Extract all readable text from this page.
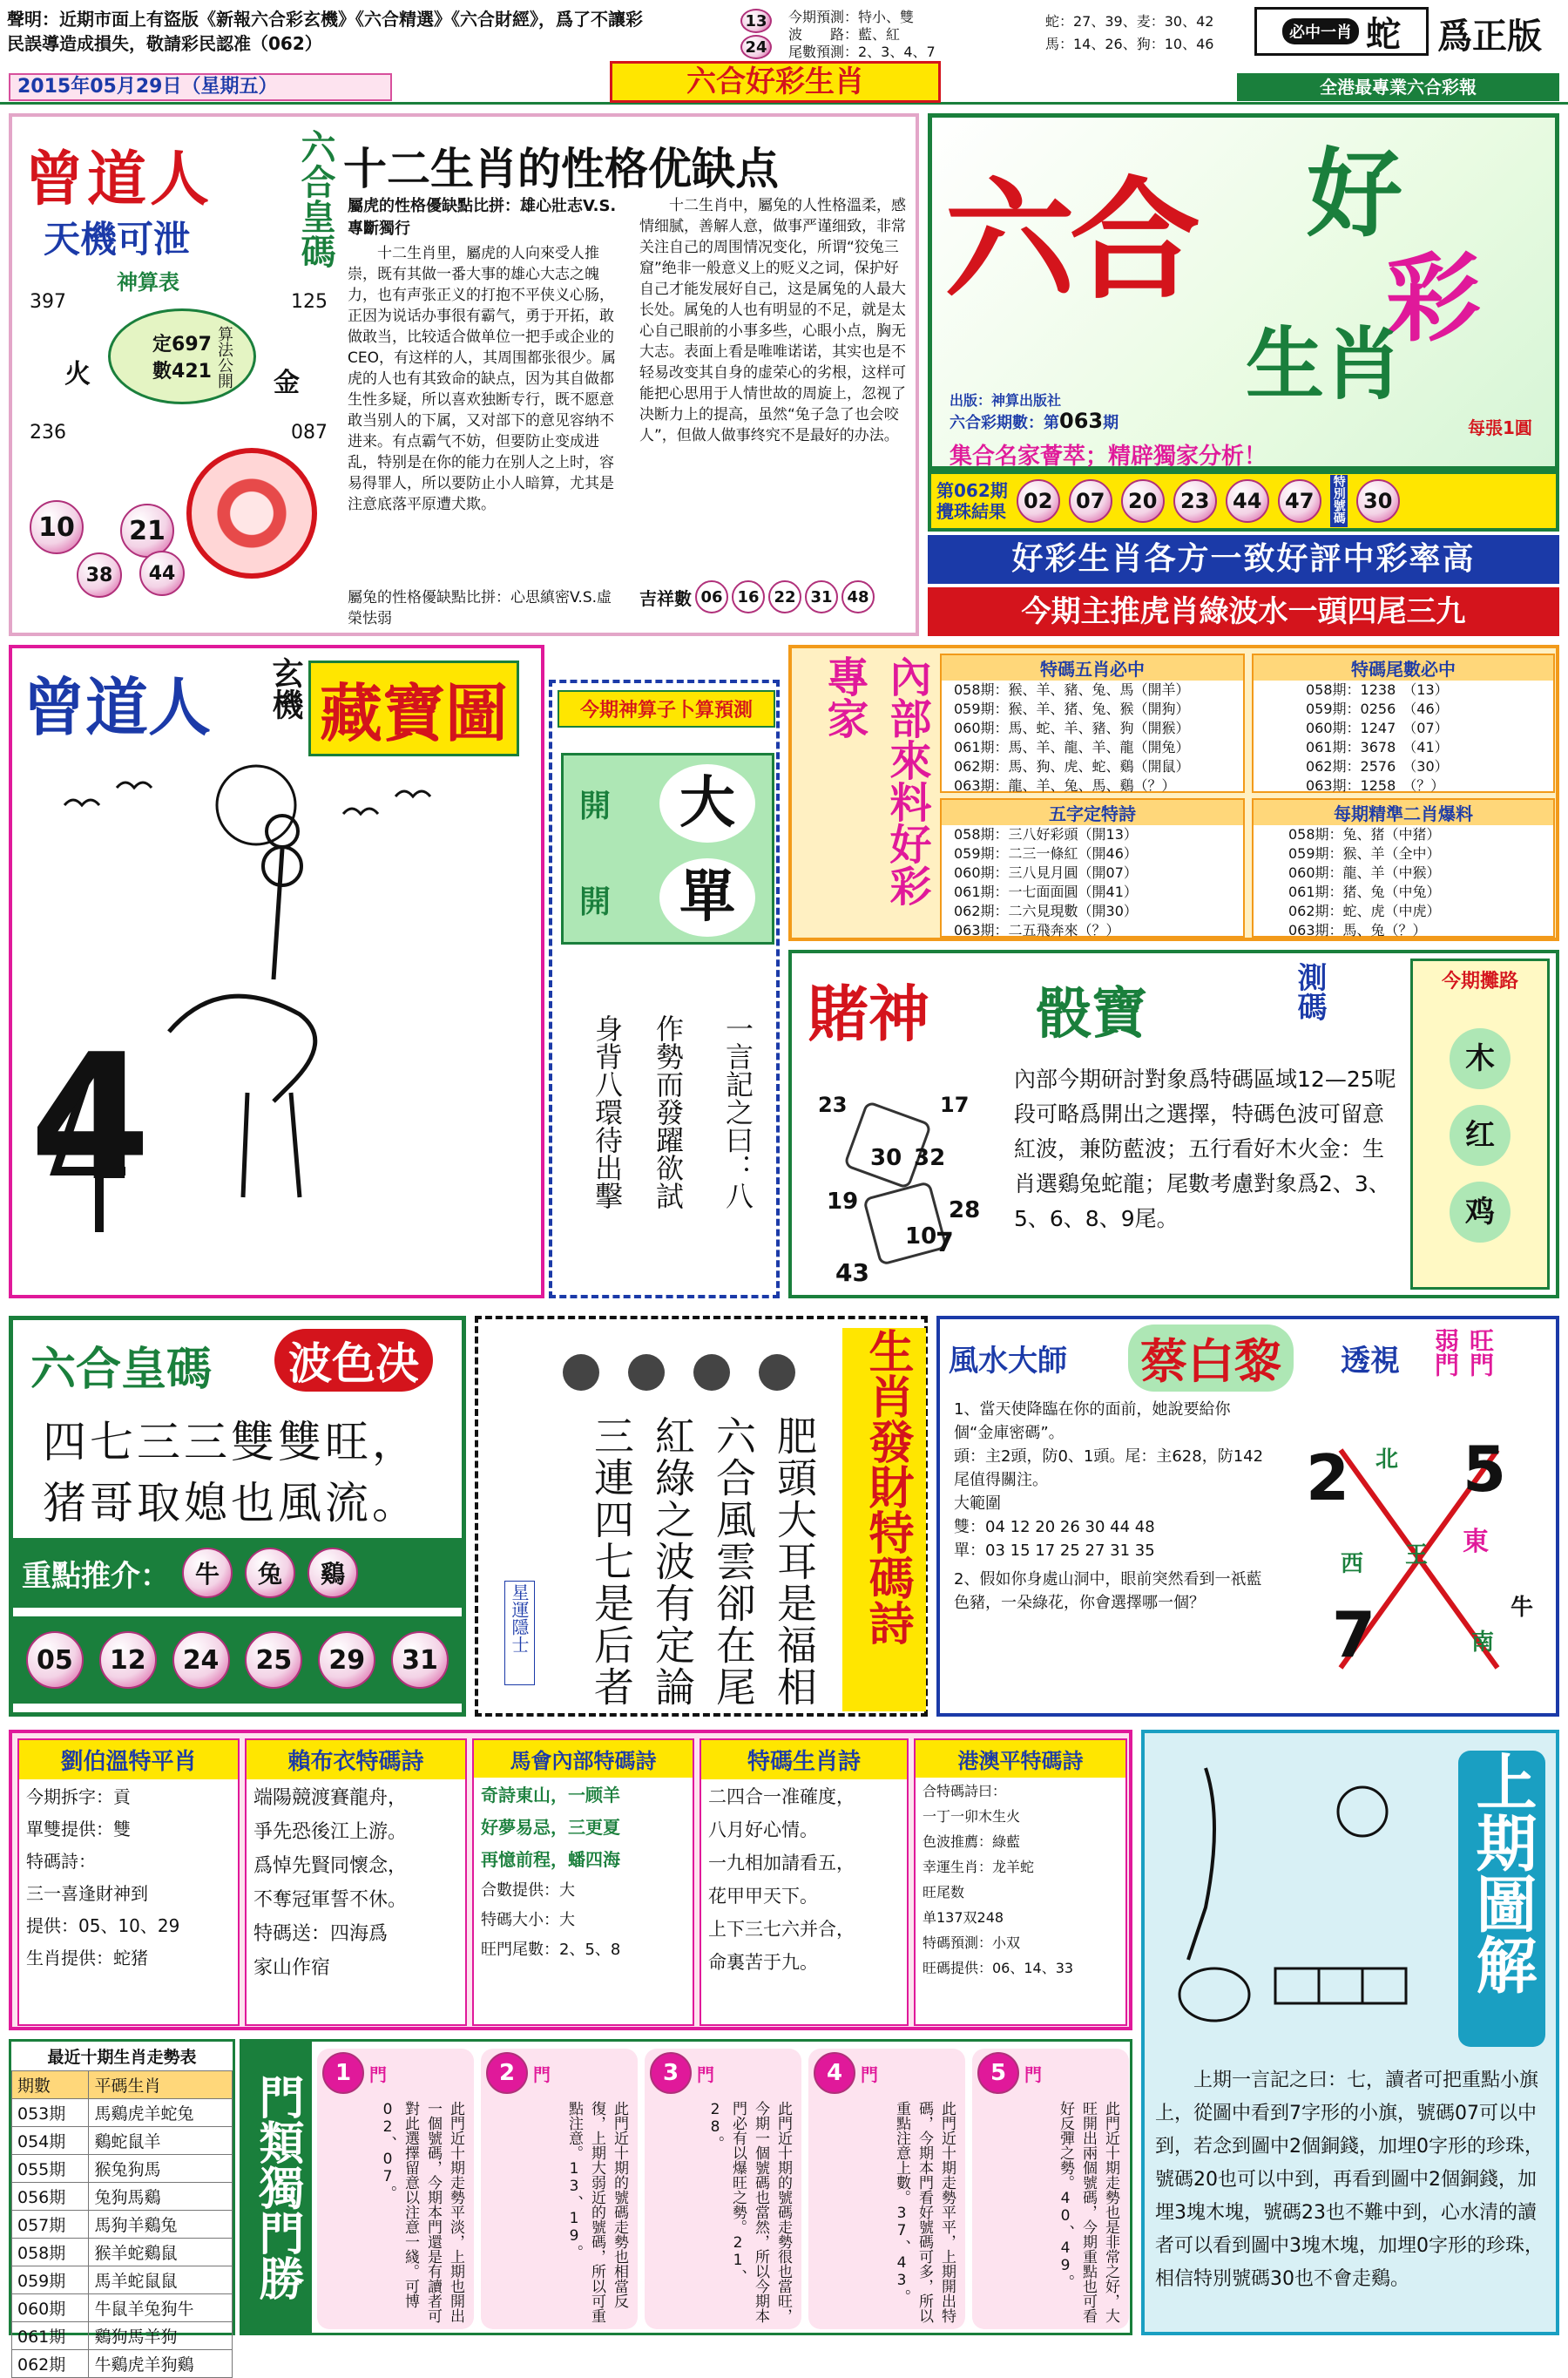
聲明：近期市面上有盜版《新報六合彩玄機》《六合精選》《六合財經》，爲了不讓彩民誤導造成損失，敬請彩民認准（062）
13
24
今期預測：特小、雙
波　　路：藍、紅
尾數預測：2、3、4、7
蛇：27、39、麦：30、42
馬：14、26、狗：10、46
必中一肖 蛇 爲正版
2015年05月29日（星期五）	六合好彩生肖	全港最專業六合彩報
曾道人
天機可泄	六合皇碼 十二生肖的性格优缺点
神算表
397	125
236	087
火	金
定697
數421 算法公開
10	21
38	44
屬虎的性格優缺點比拼：雄心壯志V.S.專斷獨行
十二生肖里，屬虎的人向來受人推崇，既有其做一番大事的雄心大志之魄力，也有声张正义的打抱不平侠义心肠，正因为说话办事很有霸气，勇于开拓，敢做敢当，比较适合做单位一把手或企业的CEO，有这样的人，其周围都张很少。属虎的人也有其致命的缺点，因为其自做都生性多疑，所以喜欢独断专行，既不愿意敢当别人的下属，又对部下的意见容纳不进来。有点霸气不妨，但要防止变成进乱，特别是在你的能力在别人之上时，容易得罪人，所以要防止小人暗算，尤其是注意底落平原遭犬欺。
屬兔的性格優缺點比拼：心思縝密V.S.虛榮怯弱
十二生肖中，屬兔的人性格溫柔，感情细腻，善解人意，做事严谨细致，非常关注自己的周围情况变化，所谓“狡兔三窟”绝非一般意义上的贬义之词，保护好自己才能发展好自己，这是属兔的人最大长处。属兔的人也有明显的不足，就是太心自己眼前的小事多些，心眼小点，胸无大志。表面上看是唯唯诺诺，其实也是不轻易改变其自身的虚荣心的劣根，这样可能把心思用于人情世故的周旋上，忽视了决断力上的提高，虽然“兔子急了也会咬人”，但做人做事终究不是最好的办法。
吉祥數 06 16 22 31 48
六合 好
彩
生肖
出版：神算出版社
六合彩期數：第063期	每張1圓
集合名家薈萃；精辟獨家分析！
第062期
攪珠結果 02	07	20	23	44	47	特別號碼 30
好彩生肖各方一致好評中彩率高
今期主推虎肖綠波水一頭四尾三九
曾道人 玄機 藏寶圖
4
今期神算子卜算預測
開	大
開	單
一言記之曰：八
作勢而發躍欲試
身背八環待出擊
內部來料好彩專家	特碼五肖必中
058期：猴、羊、豬、兔、馬（開羊）
059期：猴、羊、猪、兔、猴（開狗）
060期：馬、蛇、羊、豬、狗（開猴）
061期：馬、羊、龍、羊、龍（開兔）
062期：馬、狗、虎、蛇、鷄（開鼠）
063期：龍、羊、兔、馬、鷄（？）
特碼尾數必中
058期：1238　（13）
059期：0256　（46）
060期：1247　（07）
061期：3678　（41）
062期：2576　（30）
063期：1258　（？）
五字定特詩
058期：三八好彩頭（開13）
059期：二三一條紅（開46）
060期：三八見月圓（開07）
061期：一七面面圓（開41）
062期：二六見現數（開30）
063期：二五飛奔來（？）
每期精準二肖爆料
058期：兔、猪（中猪）
059期：猴、羊（全中）
060期：龍、羊（中猴）
061期：猪、兔（中兔）
062期：蛇、虎（中虎）
063期：馬、兔（？）
賭神 骰寶	測碼
23	17
30 32
19	28
10
7
43
內部今期研討對象爲特碼區域12—25呢段可略爲開出之選擇，特碼色波可留意紅波，兼防藍波；五行看好木火金：生肖選鷄兔蛇龍；尾數考慮對象爲2、3、5、6、8、9尾。
今期攤路
木
红
鸡
六合皇碼	波色决
四七三三雙雙旺，
猪哥取媳也風流。
重點推介：	牛	兔	鷄
05	12	24	25	29	31	肥頭大耳是福相
六合風雲卻在尾
紅綠之波有定論
三連四七是后者
星運隱士	生肖發財特碼詩	風水大師 蔡白黎	透視	旺門弱門
1、當天使降臨在你的面前，她說要給你個“金庫密碼”。
頭：主2頭，防0、1頭。尾：主628，防142尾值得關注。
大範圍
雙：04 12 20 26 30 44 48
單：03 15 17 25 27 31 35
2、假如你身處山洞中，眼前突然看到一祇藍色豬，一朵綠花，你會選擇哪一個？
2 5
7
北
西 王 東
南
牛
劉伯溫特平肖
今期拆字：貢
單雙提供：雙
特碼詩：
三一喜逢財神到
提供：05、10、29
生肖提供：蛇猪
賴布衣特碼詩
端陽競渡賽龍舟，
爭先恐後江上游。
爲悼先賢同懷念，
不奪冠軍誓不休。
特碼送：四海爲
家山作宿
馬會內部特碼詩
奇詩東山，一顾羊
好夢易忌，三更夏
再憶前程，蟠四海
合數提供：大
特碼大小：大
旺門尾數：2、5、8
特碼生肖詩
二四合一准確度，
八月好心情。
一九相加請看五，
花甲甲天下。
上下三七六并合，
命裏苦于九。
港澳平特碼詩
合特碼詩曰：
一丁一卯木生火
色波推薦：綠藍
幸運生肖：龙羊蛇
旺尾数
单137双248
特碼預測：小双
旺碼提供：06、14、33	上期圖解
上期一言記之曰：七，讀者可把重點小旗上，從圖中看到7字形的小旗，號碼07可以中到，若念到圖中2個銅錢，加埋0字形的珍珠，號碼20也可以中到，再看到圖中2個銅錢，加埋3塊木塊，號碼23也不難中到，心水清的讀者可以看到圖中3塊木塊，加埋0字形的珍珠，相信特別號碼30也不會走鷄。
最近十期生肖走勢表
期數	平碼生肖
053期	馬鷄虎羊蛇兔
054期	鷄蛇鼠羊
055期	猴兔狗馬
056期	兔狗馬鷄
057期	馬狗羊鷄兔
058期	猴羊蛇鷄鼠
059期	馬羊蛇鼠鼠
060期	牛鼠羊兔狗牛
061期	鷄狗馬羊狗
062期	牛鷄虎羊狗鷄
門類獨門勝
1	門
此門近十期走勢平淡，上期也開出一個號碼，今期本門還是有讀者可對此選擇留意以注意一綫。可博02、07。
2	門
此門近十期的號碼走勢也相當反復，上期大弱近的號碼，所以可重點注意。13、19。
3	門
此門近十期的號碼走勢很也當旺，今期一個號碼也當然，所以今期本門必有以爆旺之勢。21、28。
4	門
此門近十期走勢平平，上期開出特碼，今期本門看好號碼可多，所以重點注意上數。37、43。
5	門
此門近十期走勢也是非常之好，大旺開出兩個號碼，今期重點也可看好反彈之勢。40、49。
